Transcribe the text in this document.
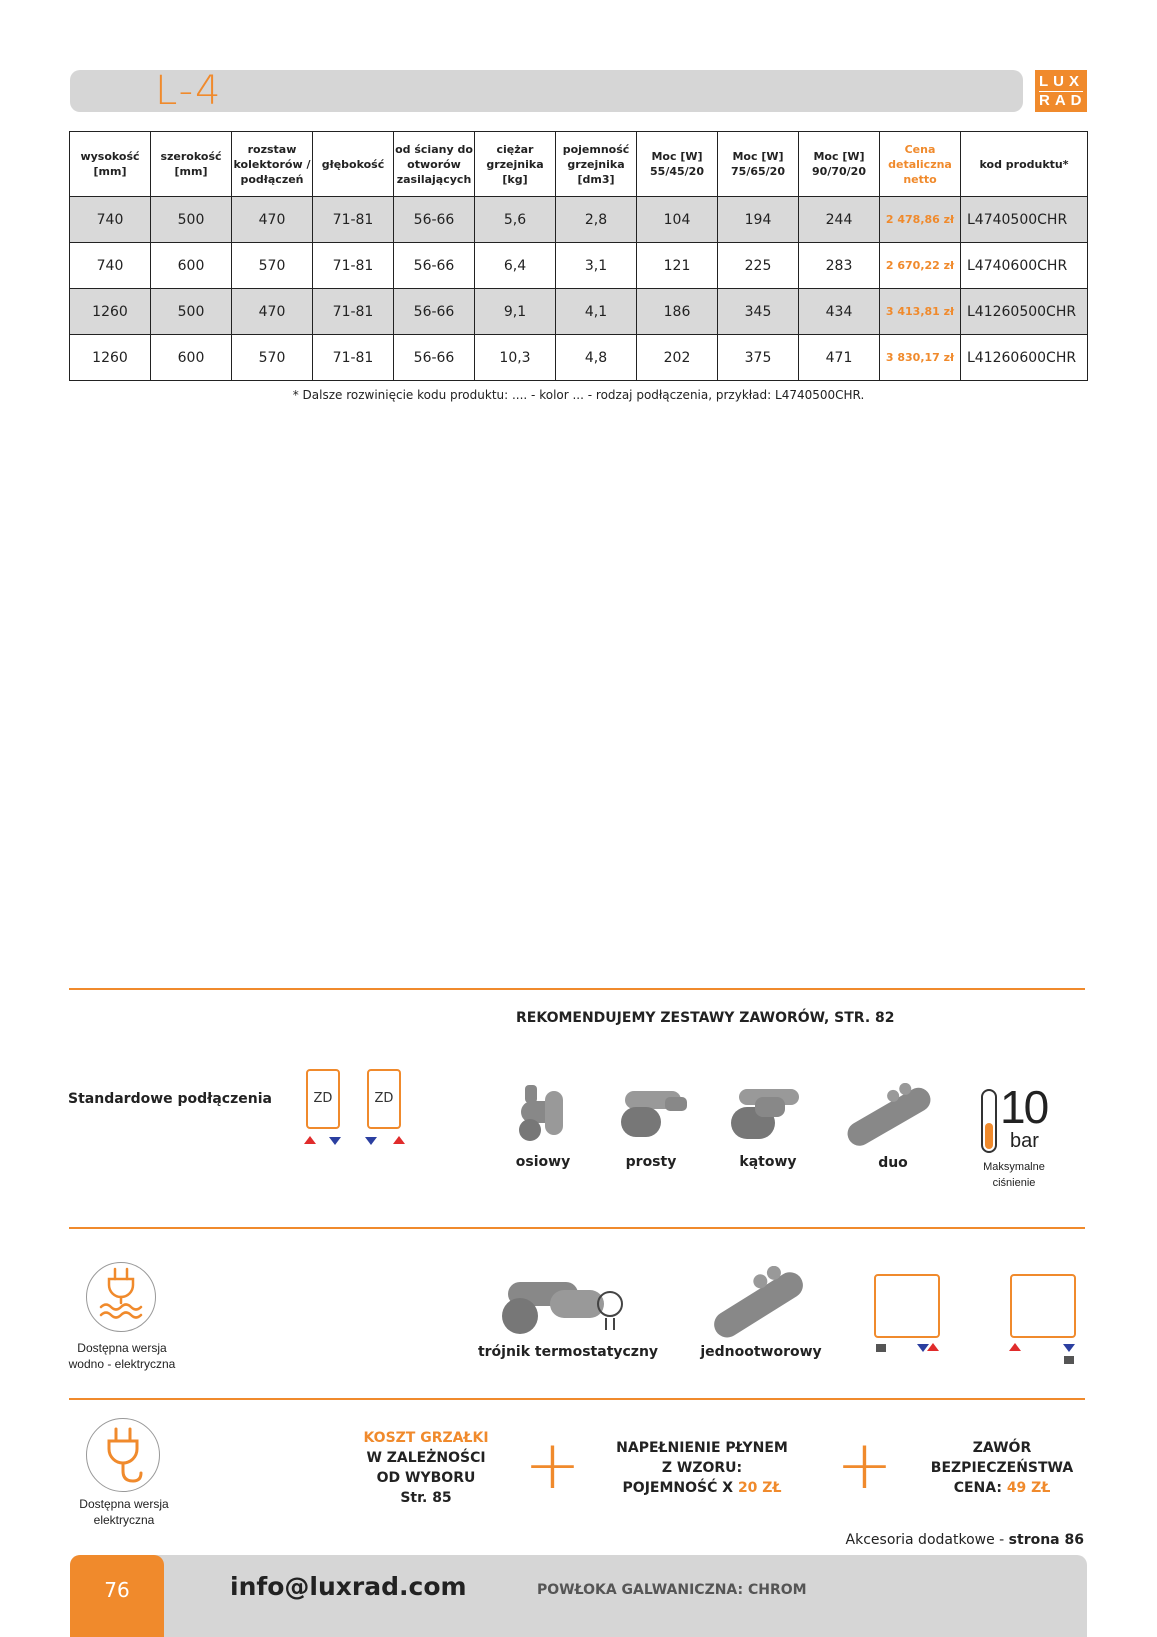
L-4	LUX
RAD
wysokość [mm]	szerokość [mm]	rozstaw kolektorów / podłączeń	głębokość	od ściany do otworów zasilających	ciężar grzejnika [kg]	pojemność grzejnika [dm3]	Moc [W] 55/45/20	Moc [W] 75/65/20	Moc [W] 90/70/20	Cena detaliczna netto	kod produktu*
740	500	470	71-81	56-66	5,6	2,8	104	194	244	2 478,86 zł	L4740500CHR
740	600	570	71-81	56-66	6,4	3,1	121	225	283	2 670,22 zł	L4740600CHR
1260	500	470	71-81	56-66	9,1	4,1	186	345	434	3 413,81 zł	L41260500CHR
1260	600	570	71-81	56-66	10,3	4,8	202	375	471	3 830,17 zł	L41260600CHR
* Dalsze rozwinięcie kodu produktu: .... - kolor ... - rodzaj podłączenia, przykład: L4740500CHR.
REKOMENDUJEMY ZESTAWY ZAWORÓW, STR. 82
Standardowe podłączenia	ZD	ZD
osiowy	prosty	kątowy	duo
10
bar
Maksymalne
ciśnienie
Dostępna wersja
wodno - elektryczna
trójnik termostatyczny	jednootworowy
Dostępna wersja
elektryczna
KOSZT GRZAŁKI
W ZALEŻNOŚCI
OD WYBORU
Str. 85	+	NAPEŁNIENIE PŁYNEM
Z WZORU:
POJEMNOŚĆ X 20 ZŁ +	ZAWÓR
BEZPIECZEŃSTWA
CENA: 49 ZŁ
Akcesoria dodatkowe - strona 86
76	info@luxrad.com	POWŁOKA GALWANICZNA: CHROM
